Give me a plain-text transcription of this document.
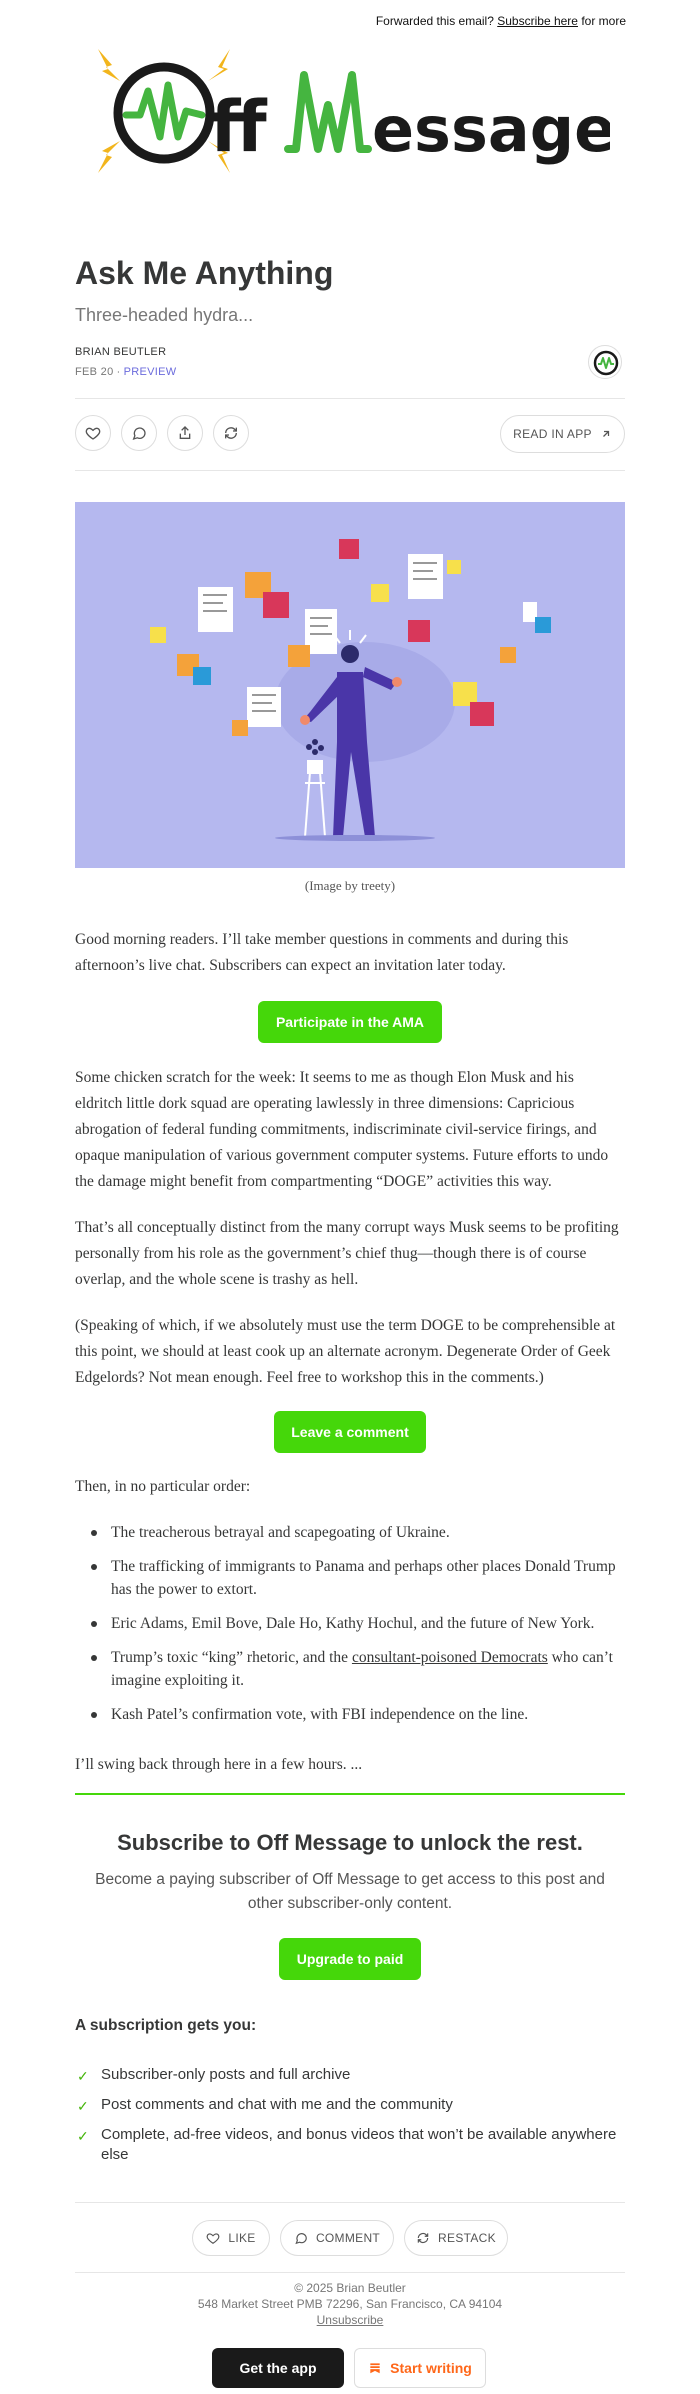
Forwarded this email? Subscribe here for more
ff essage
Ask Me Anything
Three-headed hydra...
BRIAN BEUTLER
FEB 20 ∙ PREVIEW
READ IN APP
(Image by treety)
Good morning readers. I’ll take member questions in comments and during this afternoon’s live chat. Subscribers can expect an invitation later today.
Participate in the AMA
Some chicken scratch for the week: It seems to me as though Elon Musk and his eldritch little dork squad are operating lawlessly in three dimensions: Capricious abrogation of federal funding commitments, indiscriminate civil-service firings, and opaque manipulation of various government computer systems. Future efforts to undo the damage might benefit from compartmenting “DOGE” activities this way.
That’s all conceptually distinct from the many corrupt ways Musk seems to be profiting personally from his role as the government’s chief thug—though there is of course overlap, and the whole scene is trashy as hell.
(Speaking of which, if we absolutely must use the term DOGE to be comprehensible at this point, we should at least cook up an alternate acronym. Degenerate Order of Geek Edgelords? Not mean enough. Feel free to workshop this in the comments.)
Leave a comment
Then, in no particular order:
The treacherous betrayal and scapegoating of Ukraine.
The trafficking of immigrants to Panama and perhaps other places Donald Trump has the power to extort.
Eric Adams, Emil Bove, Dale Ho, Kathy Hochul, and the future of New York.
Trump’s toxic “king” rhetoric, and the consultant-poisoned Democrats who can’t imagine exploiting it.
Kash Patel’s confirmation vote, with FBI independence on the line.
I’ll swing back through here in a few hours. ...
Subscribe to Off Message to unlock the rest.
Become a paying subscriber of Off Message to get access to this post and other subscriber-only content.
Upgrade to paid
A subscription gets you:
✓ Subscriber-only posts and full archive
✓ Post comments and chat with me and the community
✓ Complete, ad-free videos, and bonus videos that won’t be available anywhere else
LIKE	COMMENT	RESTACK
© 2025 Brian Beutler
548 Market Street PMB 72296, San Francisco, CA 94104
Unsubscribe
Get the app	Start writing
